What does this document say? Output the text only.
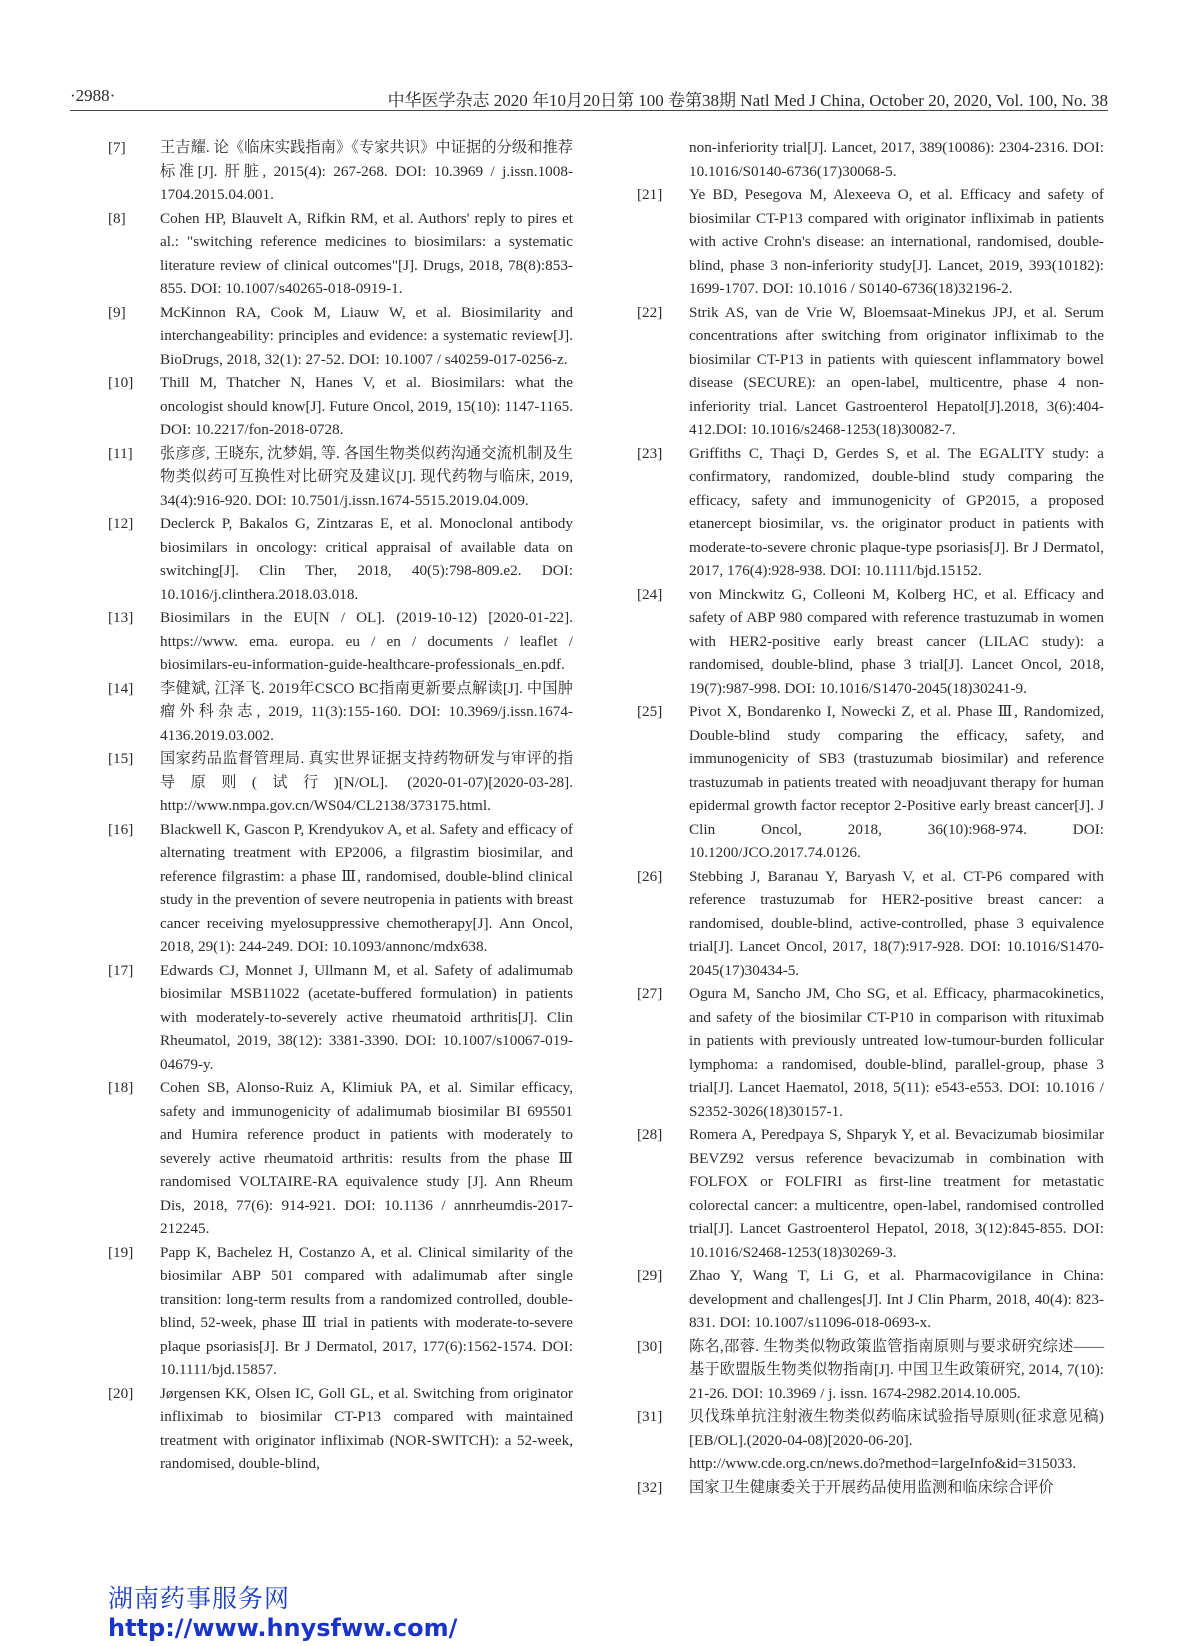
·2988·	中华医学杂志 2020 年10月20日第 100 卷第38期 Natl Med J China, October 20, 2020, Vol. 100, No. 38
[7]	王吉耀. 论《临床实践指南》《专家共识》中证据的分级和推荐标准[J]. 肝脏, 2015(4): 267-268. DOI: 10.3969 / j.issn.1008-1704.2015.04.001.
[8]	Cohen HP, Blauvelt A, Rifkin RM, et al. Authors' reply to pires et al.: "switching reference medicines to biosimilars: a systematic literature review of clinical outcomes"[J]. Drugs, 2018, 78(8):853-855. DOI: 10.1007/s40265-018-0919-1.
[9]	McKinnon RA, Cook M, Liauw W, et al. Biosimilarity and interchangeability: principles and evidence: a systematic review[J]. BioDrugs, 2018, 32(1): 27-52. DOI: 10.1007 / s40259-017-0256-z.
[10]	Thill M, Thatcher N, Hanes V, et al. Biosimilars: what the oncologist should know[J]. Future Oncol, 2019, 15(10): 1147-1165. DOI: 10.2217/fon-2018-0728.
[11]	张彦彦, 王晓东, 沈梦娟, 等. 各国生物类似药沟通交流机制及生物类似药可互换性对比研究及建议[J]. 现代药物与临床, 2019, 34(4):916-920. DOI: 10.7501/j.issn.1674-5515.2019.04.009.
[12]	Declerck P, Bakalos G, Zintzaras E, et al. Monoclonal antibody biosimilars in oncology: critical appraisal of available data on switching[J]. Clin Ther, 2018, 40(5):798-809.e2. DOI: 10.1016/j.clinthera.2018.03.018.
[13]	Biosimilars in the EU[N / OL]. (2019-10-12) [2020-01-22]. https://www. ema. europa. eu / en / documents / leaflet / biosimilars-eu-information-guide-healthcare-professionals_en.pdf.
[14]	李健斌, 江泽飞. 2019年CSCO BC指南更新要点解读[J]. 中国肿瘤外科杂志, 2019, 11(3):155-160. DOI: 10.3969/j.issn.1674-4136.2019.03.002.
[15]	国家药品监督管理局. 真实世界证据支持药物研发与审评的指导原则(试行)[N/OL]. (2020-01-07)[2020-03-28]. http://www.nmpa.gov.cn/WS04/CL2138/373175.html.
[16]	Blackwell K, Gascon P, Krendyukov A, et al. Safety and efficacy of alternating treatment with EP2006, a filgrastim biosimilar, and reference filgrastim: a phase Ⅲ, randomised, double-blind clinical study in the prevention of severe neutropenia in patients with breast cancer receiving myelosuppressive chemotherapy[J]. Ann Oncol, 2018, 29(1): 244-249. DOI: 10.1093/annonc/mdx638.
[17]	Edwards CJ, Monnet J, Ullmann M, et al. Safety of adalimumab biosimilar MSB11022 (acetate-buffered formulation) in patients with moderately-to-severely active rheumatoid arthritis[J]. Clin Rheumatol, 2019, 38(12): 3381-3390. DOI: 10.1007/s10067-019-04679-y.
[18]	Cohen SB, Alonso-Ruiz A, Klimiuk PA, et al. Similar efficacy, safety and immunogenicity of adalimumab biosimilar BI 695501 and Humira reference product in patients with moderately to severely active rheumatoid arthritis: results from the phase Ⅲ randomised VOLTAIRE-RA equivalence study [J]. Ann Rheum Dis, 2018, 77(6): 914-921. DOI: 10.1136 / annrheumdis-2017-212245.
[19]	Papp K, Bachelez H, Costanzo A, et al. Clinical similarity of the biosimilar ABP 501 compared with adalimumab after single transition: long-term results from a randomized controlled, double-blind, 52-week, phase Ⅲ trial in patients with moderate-to-severe plaque psoriasis[J]. Br J Dermatol, 2017, 177(6):1562-1574. DOI: 10.1111/bjd.15857.
[20]	Jørgensen KK, Olsen IC, Goll GL, et al. Switching from originator infliximab to biosimilar CT-P13 compared with maintained treatment with originator infliximab (NOR-SWITCH): a 52-week, randomised, double-blind,
non-inferiority trial[J]. Lancet, 2017, 389(10086): 2304-2316. DOI: 10.1016/S0140-6736(17)30068-5.
[21]	Ye BD, Pesegova M, Alexeeva O, et al. Efficacy and safety of biosimilar CT-P13 compared with originator infliximab in patients with active Crohn's disease: an international, randomised, double-blind, phase 3 non-inferiority study[J]. Lancet, 2019, 393(10182): 1699-1707. DOI: 10.1016 / S0140-6736(18)32196-2.
[22]	Strik AS, van de Vrie W, Bloemsaat-Minekus JPJ, et al. Serum concentrations after switching from originator infliximab to the biosimilar CT-P13 in patients with quiescent inflammatory bowel disease (SECURE): an open-label, multicentre, phase 4 non-inferiority trial. Lancet Gastroenterol Hepatol[J].2018, 3(6):404-412.DOI: 10.1016/s2468-1253(18)30082-7.
[23]	Griffiths C, Thaçi D, Gerdes S, et al. The EGALITY study: a confirmatory, randomized, double-blind study comparing the efficacy, safety and immunogenicity of GP2015, a proposed etanercept biosimilar, vs. the originator product in patients with moderate-to-severe chronic plaque-type psoriasis[J]. Br J Dermatol, 2017, 176(4):928-938. DOI: 10.1111/bjd.15152.
[24]	von Minckwitz G, Colleoni M, Kolberg HC, et al. Efficacy and safety of ABP 980 compared with reference trastuzumab in women with HER2-positive early breast cancer (LILAC study): a randomised, double-blind, phase 3 trial[J]. Lancet Oncol, 2018, 19(7):987-998. DOI: 10.1016/S1470-2045(18)30241-9.
[25]	Pivot X, Bondarenko I, Nowecki Z, et al. Phase Ⅲ, Randomized, Double-blind study comparing the efficacy, safety, and immunogenicity of SB3 (trastuzumab biosimilar) and reference trastuzumab in patients treated with neoadjuvant therapy for human epidermal growth factor receptor 2-Positive early breast cancer[J]. J Clin Oncol, 2018, 36(10):968-974. DOI: 10.1200/JCO.2017.74.0126.
[26]	Stebbing J, Baranau Y, Baryash V, et al. CT-P6 compared with reference trastuzumab for HER2-positive breast cancer: a randomised, double-blind, active-controlled, phase 3 equivalence trial[J]. Lancet Oncol, 2017, 18(7):917-928. DOI: 10.1016/S1470-2045(17)30434-5.
[27]	Ogura M, Sancho JM, Cho SG, et al. Efficacy, pharmacokinetics, and safety of the biosimilar CT-P10 in comparison with rituximab in patients with previously untreated low-tumour-burden follicular lymphoma: a randomised, double-blind, parallel-group, phase 3 trial[J]. Lancet Haematol, 2018, 5(11): e543-e553. DOI: 10.1016 / S2352-3026(18)30157-1.
[28]	Romera A, Peredpaya S, Shparyk Y, et al. Bevacizumab biosimilar BEVZ92 versus reference bevacizumab in combination with FOLFOX or FOLFIRI as first-line treatment for metastatic colorectal cancer: a multicentre, open-label, randomised controlled trial[J]. Lancet Gastroenterol Hepatol, 2018, 3(12):845-855. DOI: 10.1016/S2468-1253(18)30269-3.
[29]	Zhao Y, Wang T, Li G, et al. Pharmacovigilance in China: development and challenges[J]. Int J Clin Pharm, 2018, 40(4): 823-831. DOI: 10.1007/s11096-018-0693-x.
[30]	陈名,邵蓉. 生物类似物政策监管指南原则与要求研究综述——基于欧盟版生物类似物指南[J]. 中国卫生政策研究, 2014, 7(10): 21-26. DOI: 10.3969 / j. issn. 1674-2982.2014.10.005.
[31]	贝伐珠单抗注射液生物类似药临床试验指导原则(征求意见稿)[EB/OL].(2020-04-08)[2020-06-20]. http://www.cde.org.cn/news.do?method=largeInfo&id=315033.
[32]	国家卫生健康委关于开展药品使用监测和临床综合评价
湖南药事服务网
http://www.hnysfww.com/
